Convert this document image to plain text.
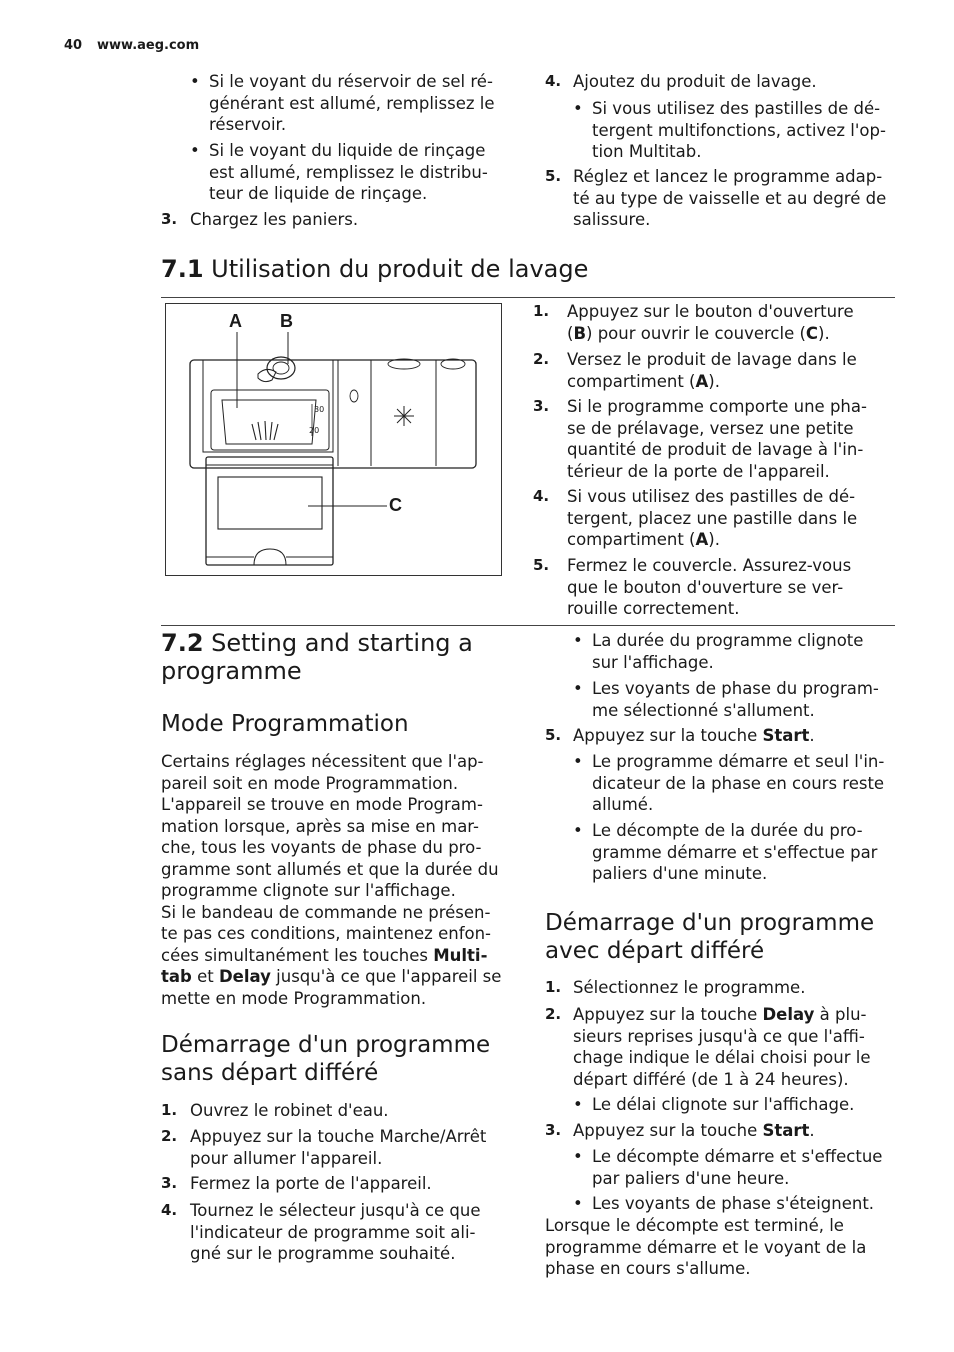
40 www.aeg.com
• Si le voyant du réservoir de sel ré-
générant est allumé, remplissez le
réservoir.
• Si le voyant du liquide de rinçage
est allumé, remplissez le distribu-
teur de liquide de rinçage.
3. Chargez les paniers.
4. Ajoutez du produit de lavage.
• Si vous utilisez des pastilles de dé-
tergent multifonctions, activez l'op-
tion Multitab.
5. Réglez et lancez le programme adap-
té au type de vaisselle et au degré de
salissure.
7.1 Utilisation du produit de lavage
30
20
A B
C
1. Appuyez sur le bouton d'ouverture
(B) pour ouvrir le couvercle (C).
2. Versez le produit de lavage dans le
compartiment (A).
3. Si le programme comporte une pha-
se de prélavage, versez une petite
quantité de produit de lavage à l'in-
térieur de la porte de l'appareil.
4. Si vous utilisez des pastilles de dé-
tergent, placez une pastille dans le
compartiment (A).
5. Fermez le couvercle. Assurez-vous
que le bouton d'ouverture se ver-
rouille correctement.
7.2 Setting and starting a
programme
Mode Programmation
Certains réglages nécessitent que l'ap-
pareil soit en mode Programmation.
L'appareil se trouve en mode Program-
mation lorsque, après sa mise en mar-
che, tous les voyants de phase du pro-
gramme sont allumés et que la durée du
programme clignote sur l'affichage.
Si le bandeau de commande ne présen-
te pas ces conditions, maintenez enfon-
cées simultanément les touches Multi-
tab et Delay jusqu'à ce que l'appareil se
mette en mode Programmation.
Démarrage d'un programme
sans départ différé
1. Ouvrez le robinet d'eau.
2. Appuyez sur la touche Marche/Arrêt
pour allumer l'appareil.
3. Fermez la porte de l'appareil.
4. Tournez le sélecteur jusqu'à ce que
l'indicateur de programme soit ali-
gné sur le programme souhaité.
• La durée du programme clignote
sur l'affichage.
• Les voyants de phase du program-
me sélectionné s'allument.
5. Appuyez sur la touche Start.
• Le programme démarre et seul l'in-
dicateur de la phase en cours reste
allumé.
• Le décompte de la durée du pro-
gramme démarre et s'effectue par
paliers d'une minute.
Démarrage d'un programme
avec départ différé
1. Sélectionnez le programme.
2. Appuyez sur la touche Delay à plu-
sieurs reprises jusqu'à ce que l'affi-
chage indique le délai choisi pour le
départ différé (de 1 à 24 heures).
• Le délai clignote sur l'affichage.
3. Appuyez sur la touche Start.
• Le décompte démarre et s'effectue
par paliers d'une heure.
• Les voyants de phase s'éteignent.
Lorsque le décompte est terminé, le
programme démarre et le voyant de la
phase en cours s'allume.
